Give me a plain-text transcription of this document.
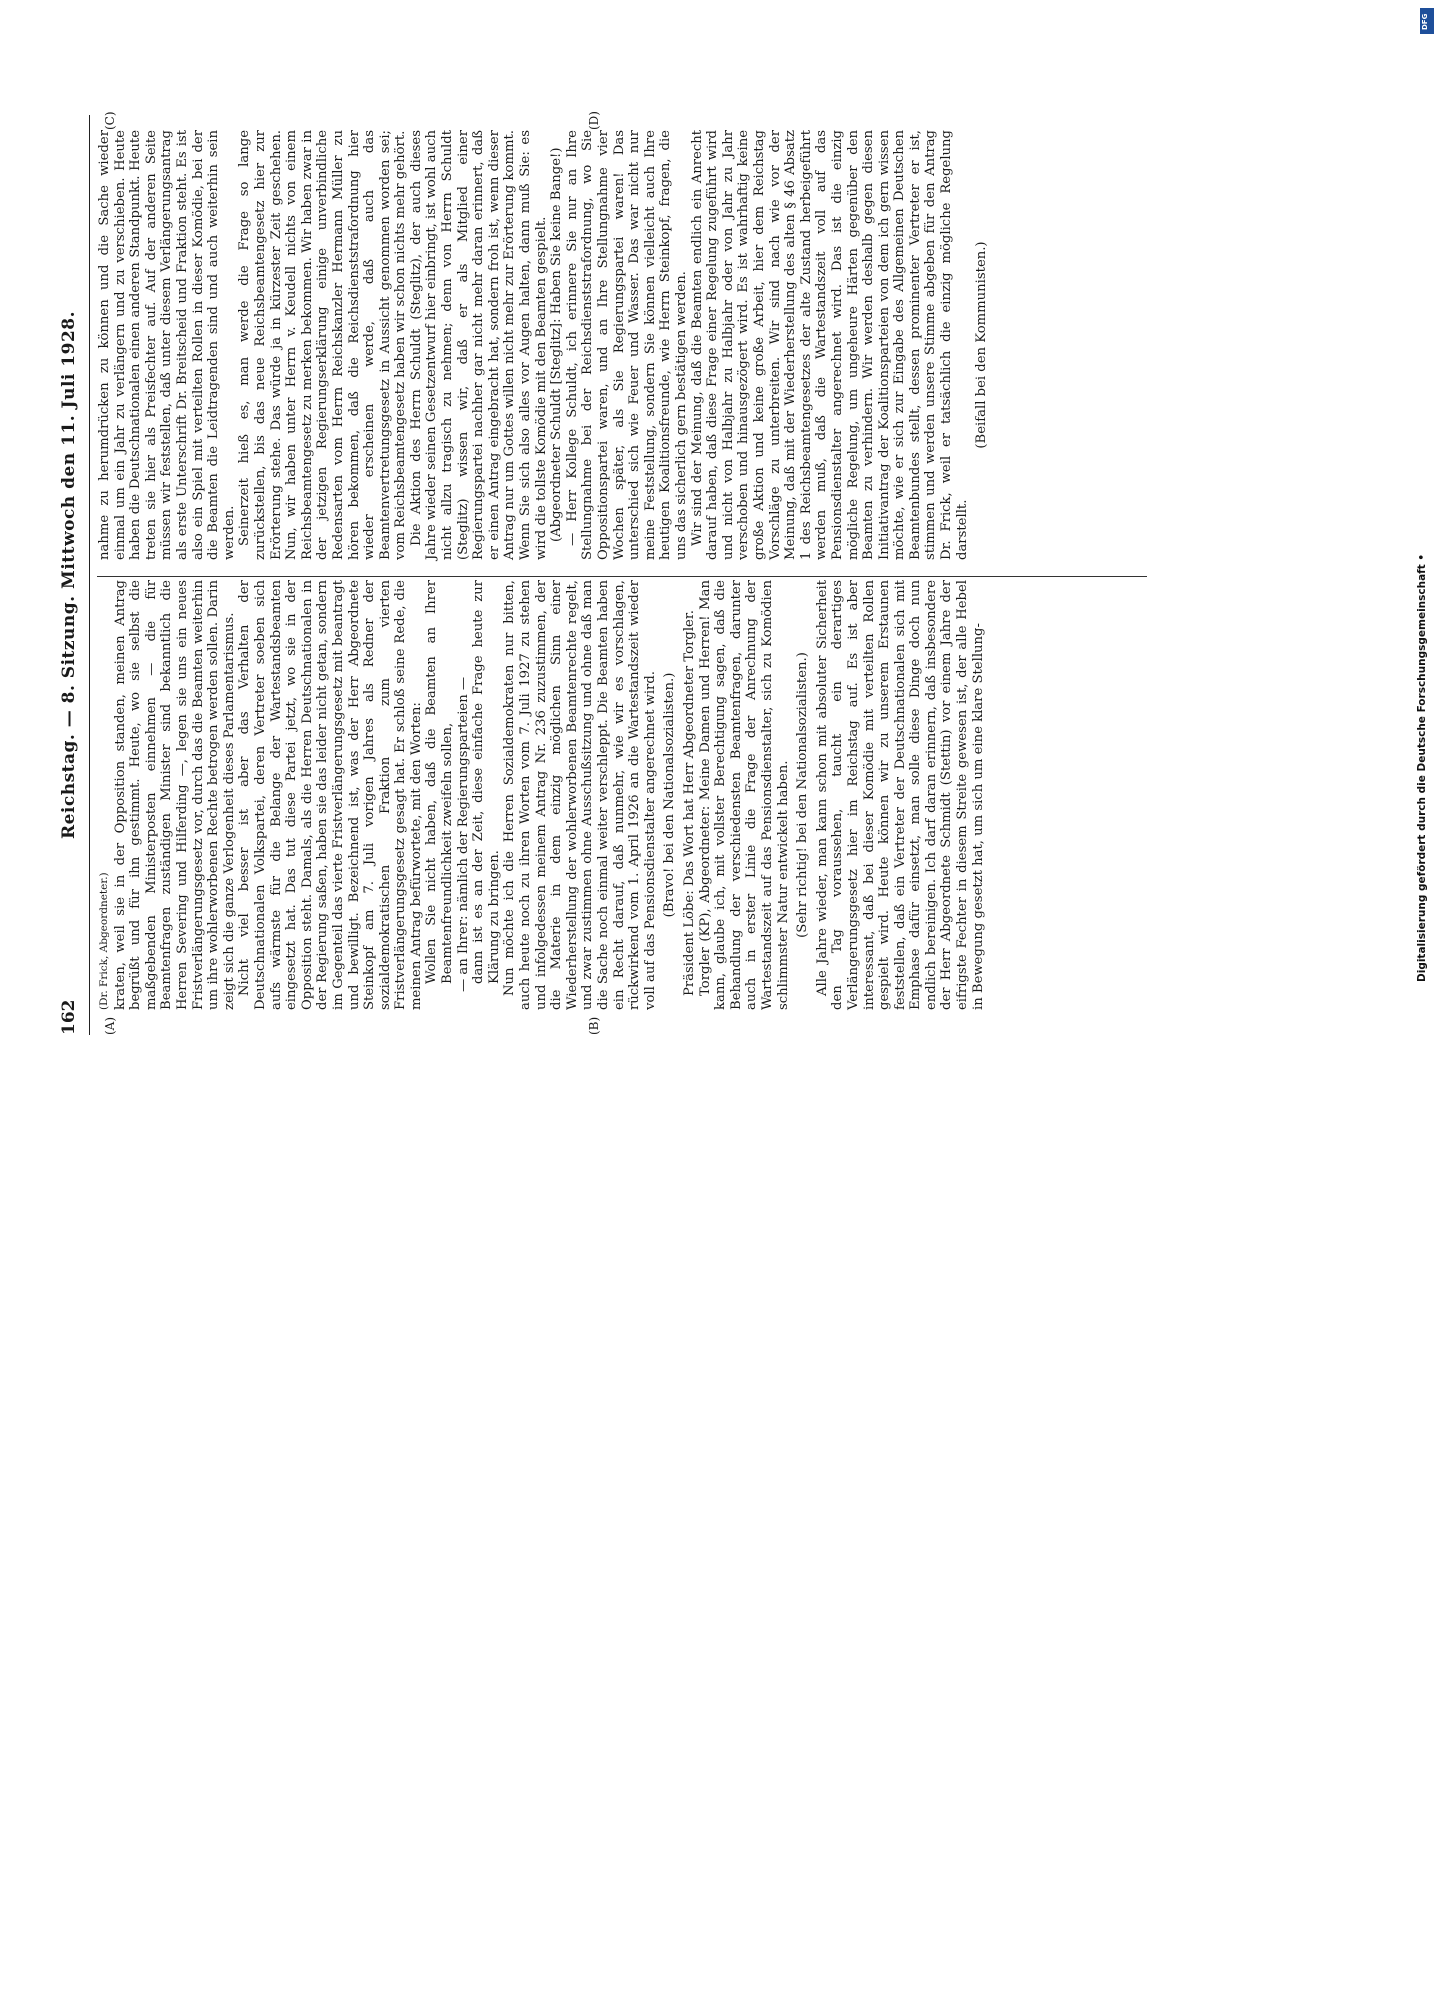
162
Reichstag. — 8. Sitzung. Mittwoch den 11. Juli 1928.
(A)	(B)
(C)	(D)

(Dr. Frick, Abgeordneter.) kraten, weil sie in der Opposition standen, meinen Antrag begrüßt und für ihn gestimmt. Heute, wo sie selbst die maßgebenden Ministerposten einnehmen — die für Beamtenfragen zuständigen Minister sind bekanntlich die Herren Severing und Hilferding —, legen sie uns ein neues Fristverlängerungsgesetz vor, durch das die Beamten weiterhin um ihre wohlerworbenen Rechte betrogen werden sollen. Darin zeigt sich die ganze Verlogenheit dieses Parlamentarismus. Nicht viel besser ist aber das Verhalten der Deutschnationalen Volkspartei, deren Vertreter soeben sich aufs wärmste für die Belange der Wartestandsbeamten eingesetzt hat. Das tut diese Partei jetzt, wo sie in der Opposition steht. Damals, als die Herren Deutschnationalen in der Regierung saßen, haben sie das leider nicht getan, sondern im Gegenteil das vierte Fristverlängerungsgesetz mit beantragt und bewilligt. Bezeichnend ist, was der Herr Abgeordnete Steinkopf am 7. Juli vorigen Jahres als Redner der sozialdemokratischen Fraktion zum vierten Fristverlängerungsgesetz gesagt hat. Er schloß seine Rede, die meinen Antrag befürwortete, mit den Worten: Wollen Sie nicht haben, daß die Beamten an Ihrer Beamtenfreundlichkeit zweifeln sollen, — an Ihrer: nämlich der Regierungsparteien — dann ist es an der Zeit, diese einfache Frage heute zur Klärung zu bringen. Nun möchte ich die Herren Sozialdemokraten nur bitten, auch heute noch zu ihren Worten vom 7. Juli 1927 zu stehen und infolgedessen meinem Antrag Nr. 236 zuzustimmen, der die Materie in dem einzig möglichen Sinn einer Wiederherstellung der wohlerworbenen Beamtenrechte regelt, und zwar zustimmen ohne Ausschußsitzung und ohne daß man die Sache noch einmal weiter verschleppt. Die Beamten haben ein Recht darauf, daß nunmehr, wie wir es vorschlagen, rückwirkend vom 1. April 1926 an die Wartestandszeit wieder voll auf das Pensionsdienstalter angerechnet wird. (Bravo! bei den Nationalsozialisten.) Präsident Löbe: Das Wort hat Herr Abgeordneter Torgler. Torgler (KP), Abgeordneter: Meine Damen und Herren! Man kann, glaube ich, mit vollster Berechtigung sagen, daß die Behandlung der verschiedensten Beamtenfragen, darunter auch in erster Linie die Frage der Anrechnung der Wartestandszeit auf das Pensionsdienstalter, sich zu Komödien schlimmster Natur entwickelt haben. (Sehr richtig! bei den Nationalsozialisten.) Alle Jahre wieder, man kann schon mit absoluter Sicherheit den Tag voraussehen, taucht ein derartiges Verlängerungsgesetz hier im Reichstag auf. Es ist aber interessant, daß bei dieser Komödie mit verteilten Rollen gespielt wird. Heute können wir zu unserem Erstaunen feststellen, daß ein Vertreter der Deutschnationalen sich mit Emphase dafür einsetzt, man solle diese Dinge doch nun endlich bereinigen. Ich darf daran erinnern, daß insbesondere der Herr Abgeordnete Schmidt (Stettin) vor einem Jahre der eifrigste Fechter in diesem Streite gewesen ist, der alle Hebel in Bewegung gesetzt hat, um sich um eine klare Stellung-

nahme zu herumdrücken zu können und die Sache wieder einmal um ein Jahr zu verlängern und zu verschieben. Heute haben die Deutschnationalen einen anderen Standpunkt. Heute treten sie hier als Preisfechter auf. Auf der anderen Seite müssen wir feststellen, daß unter diesem Verlängerungsantrag als erste Unterschrift Dr. Breitscheid und Fraktion steht. Es ist also ein Spiel mit verteilten Rollen in dieser Komödie, bei der die Beamten die Leidtragenden sind und auch weiterhin sein werden. Seinerzeit hieß es, man werde die Frage so lange zurückstellen, bis das neue Reichsbeamtengesetz hier zur Erörterung stehe. Das würde ja in kürzester Zeit geschehen. Nun, wir haben unter Herrn v. Keudell nichts von einem Reichsbeamtengesetz zu merken bekommen. Wir haben zwar in der jetzigen Regierungserklärung einige unverbindliche Redensarten vom Herrn Reichskanzler Hermann Müller zu hören bekommen, daß die Reichsdienststrafordnung hier wieder erscheinen werde, daß auch das Beamtenvertretungsgesetz in Aussicht genommen worden sei; vom Reichsbeamtengesetz haben wir schon nichts mehr gehört. Die Aktion des Herrn Schuldt (Steglitz), der auch dieses Jahre wieder seinen Gesetzentwurf hier einbringt, ist wohl auch nicht allzu tragisch zu nehmen; denn von Herrn Schuldt (Steglitz) wissen wir, daß er als Mitglied einer Regierungspartei nachher gar nicht mehr daran erinnert, daß er einen Antrag eingebracht hat, sondern froh ist, wenn dieser Antrag nur um Gottes willen nicht mehr zur Erörterung kommt. Wenn Sie sich also alles vor Augen halten, dann muß Sie: es wird die tollste Komödie mit den Beamten gespielt. (Abgeordneter Schuldt [Steglitz]: Haben Sie keine Bange!) — Herr Kollege Schuldt, ich erinnere Sie nur an Ihre Stellungnahme bei der Reichsdienststrafordnung, wo Sie Oppositionspartei waren, und an Ihre Stellungnahme vier Wochen später, als Sie Regierungspartei waren! Das unterschied sich wie Feuer und Wasser. Das war nicht nur meine Feststellung, sondern Sie können vielleicht auch Ihre heutigen Koalitionsfreunde, wie Herrn Steinkopf, fragen, die uns das sicherlich gern bestätigen werden. Wir sind der Meinung, daß die Beamten endlich ein Anrecht darauf haben, daß diese Frage einer Regelung zugeführt wird und nicht von Halbjahr zu Halbjahr oder von Jahr zu Jahr verschoben und hinausgezögert wird. Es ist wahrhaftig keine große Aktion und keine große Arbeit, hier dem Reichstag Vorschläge zu unterbreiten. Wir sind nach wie vor der Meinung, daß mit der Wiederherstellung des alten § 46 Absatz 1 des Reichsbeamtengesetzes der alte Zustand herbeigeführt werden muß, daß die Wartestandszeit voll auf das Pensionsdienstalter angerechnet wird. Das ist die einzig mögliche Regelung, um ungeheure Härten gegenüber den Beamten zu verhindern. Wir werden deshalb gegen diesen Initiativantrag der Koalitionsparteien von dem ich gern wissen möchte, wie er sich zur Eingabe des Allgemeinen Deutschen Beamtenbundes stellt, dessen prominenter Vertreter er ist, stimmen und werden unsere Stimme abgeben für den Antrag Dr. Frick, weil er tatsächlich die einzig mögliche Regelung darstellt.

(Beifall bei den Kommunisten.)

Digitalisierung gefördert durch die Deutsche Forschungsgemeinschaft •
DFG
